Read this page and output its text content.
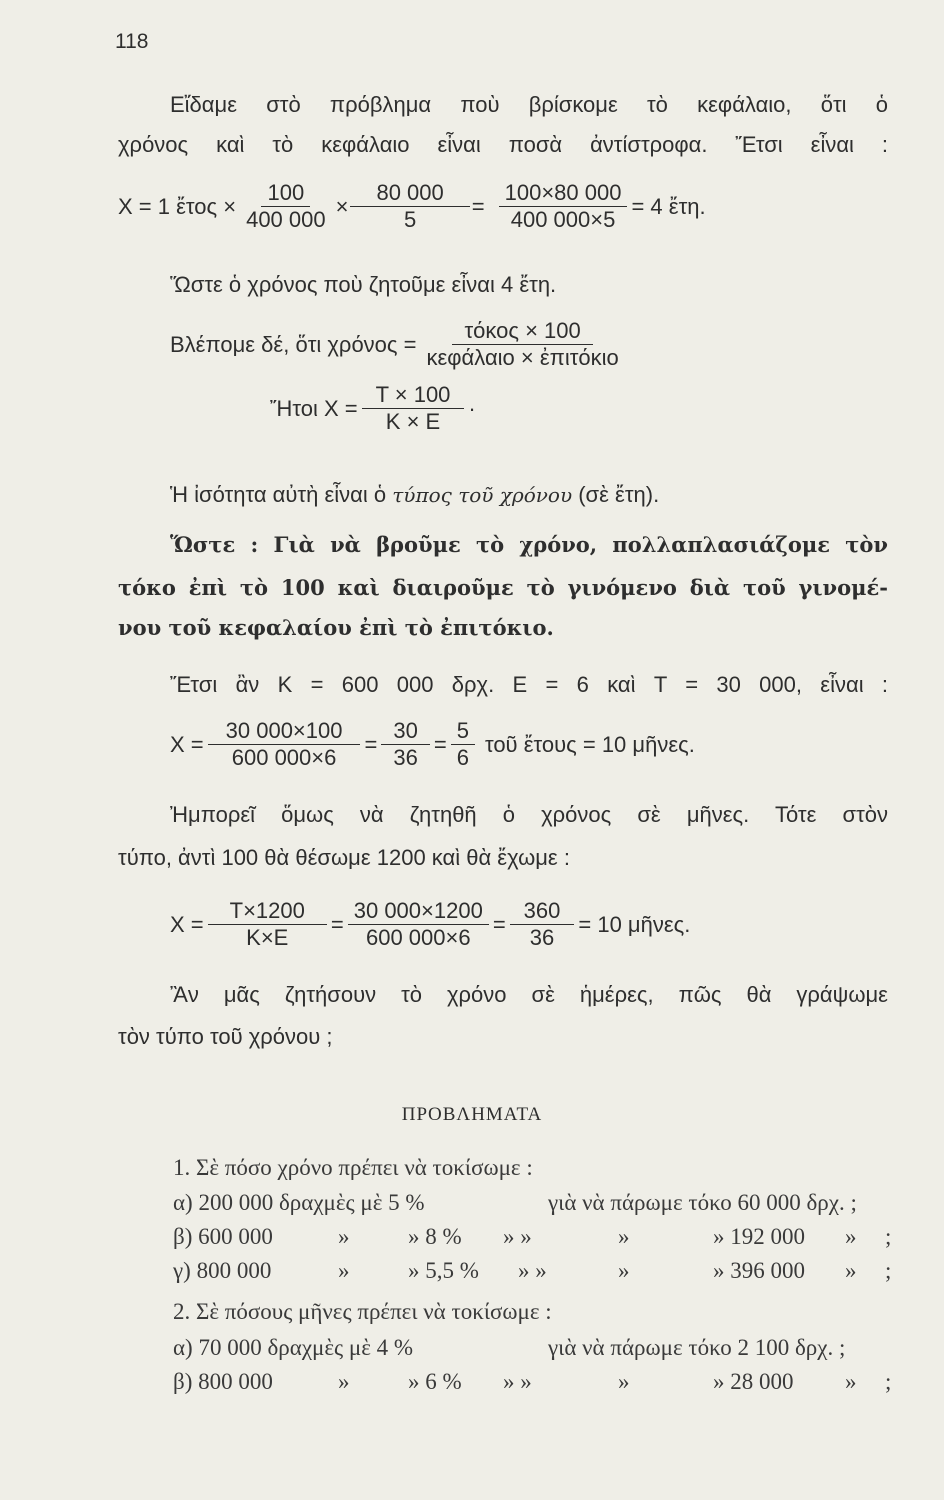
118
Εἴδαμε στὸ πρόβλημα ποὺ βρίσκομε τὸ κεφάλαιο, ὅτι ὁ
χρόνος καὶ τὸ κεφάλαιο εἶναι ποσὰ ἀντίστροφα. Ἔτσι εἶναι :
X = 1 ἔτος × $\frac{100}{400 000} \times \frac{80 000}{5} = \frac{100\times 80 000}{400 000\times 5} = 4$ ἔτη.
Ὥστε ὁ χρόνος ποὺ ζητοῦμε εἶναι 4 ἔτη.
Βλέπομε δέ, ὅτι $\chi\rho ό\nu o\varsigma = \frac{\text{τόκος × 100}}{\text{κεφάλαιο × ἐπιτόκιο}}$
Ἤτοι $X = \frac{T \times 100}{K \times E}$ ·
Ἡ ἰσότητα αὐτὴ εἶναι ὁ τύπος τοῦ χρόνου (σὲ ἔτη).
Ὥστε : Γιὰ νὰ βροῦμε τὸ χρόνο, πολλαπλασιάζομε τὸν
τόκο ἐπὶ τὸ 100 καὶ διαιροῦμε τὸ γινόμενο διὰ τοῦ γινομέ-
νου τοῦ κεφαλαίου ἐπὶ τὸ ἐπιτόκιο.
Ἔτσι ἂν K = 600 000 δρχ. E = 6 καὶ T = 30 000, εἶναι :
$X = \frac{30 000\times 100}{600 000\times 6} = \frac{30}{36} = \frac{5}{6}$ τοῦ ἔτους = 10 μῆνες.
Ἠμπορεῖ ὅμως νὰ ζητηθῆ ὁ χρόνος σὲ μῆνες. Τότε στὸν
τύπο, ἀντὶ 100 θὰ θέσωμε 1200 καὶ θὰ ἔχωμε :
$X = \frac{T\times 1200}{K\times E} = \frac{30 000\times 1200}{600 000\times 6} = \frac{360}{36} = 10$ μῆνες.
Ἂν μᾶς ζητήσουν τὸ χρόνο σὲ ἡμέρες, πῶς θὰ γράψωμε
τὸν τύπο τοῦ χρόνου ;
ΠΡΟΒΛΗΜΑΤΑ
1. Σὲ πόσο χρόνο πρέπει νὰ τοκίσωμε :
α) 200 000 δραχμὲς μὲ 5 %	γιὰ νὰ πάρωμε τόκο 60 000 δρχ. ;
β) 600 000	»	» 8 % » »	»	» 192 000 » ;
γ) 800 000	»	» 5,5 % » »	»	» 396 000 » ;
2. Σὲ πόσους μῆνες πρέπει νὰ τοκίσωμε :
α) 70 000 δραχμὲς μὲ 4 %	γιὰ νὰ πάρωμε τόκο 2 100 δρχ. ;
β) 800 000	»	» 6 % » »	»	» 28 000 » ;
